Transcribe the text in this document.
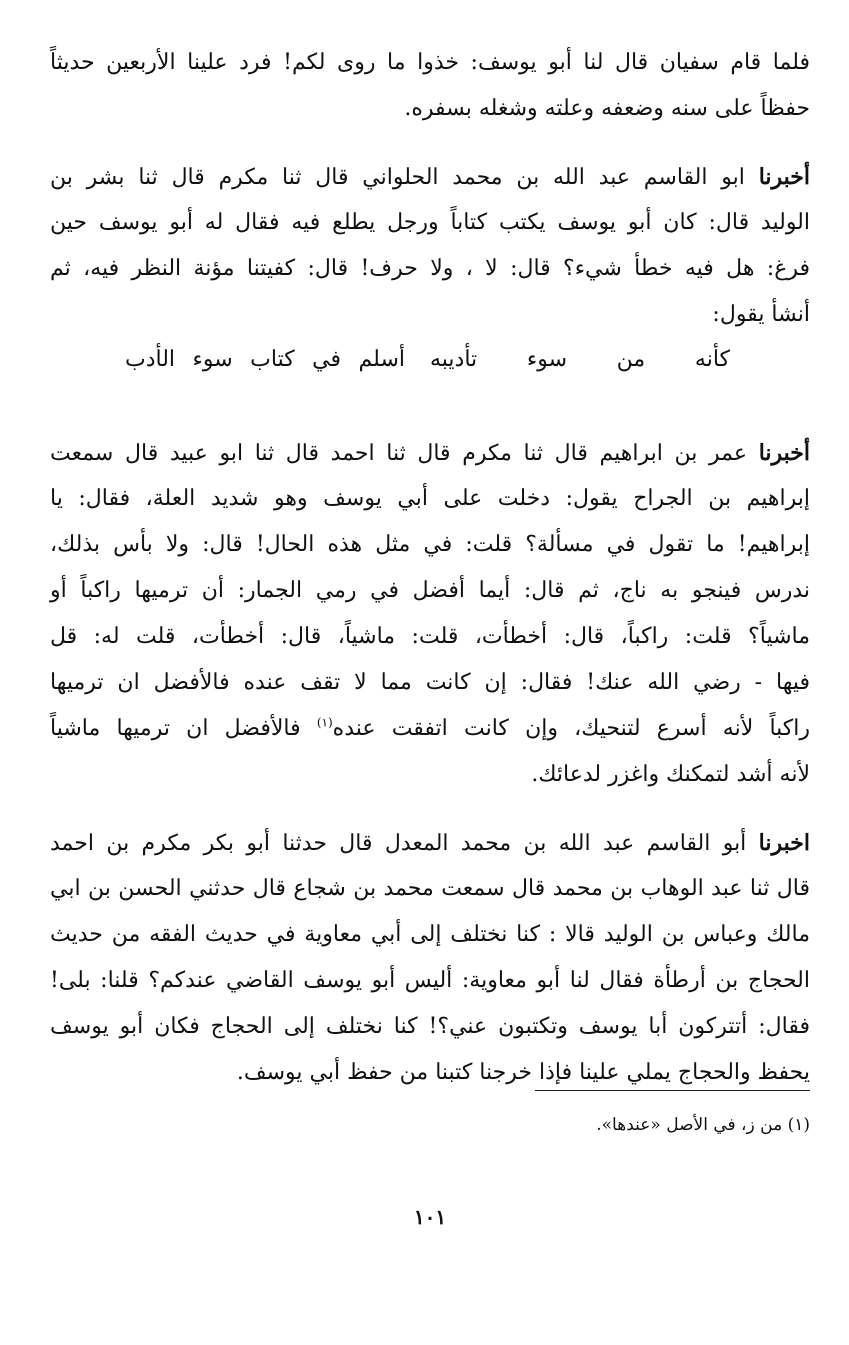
فلما قام سفيان قال لنا أبو يوسف: خذوا ما روى لكم! فرد علينا الأربعين حديثاً
حفظاً على سنه وضعفه وعلته وشغله بسفره.
أخبرنا ابو القاسم عبد الله بن محمد الحلواني قال ثنا مكرم قال ثنا بشر بن
الوليد قال: كان أبو يوسف يكتب كتاباً ورجل يطلع فيه فقال له أبو يوسف حين
فرغ: هل فيه خطأ شيء؟ قال: لا ، ولا حرف! قال: كفيتنا مؤنة النظر فيه، ثم
أنشأ يقول:
كأنه من سوء تأديبه
أسلم في كتاب سوء الأدب
أخبرنا عمر بن ابراهيم قال ثنا مكرم قال ثنا احمد قال ثنا ابو عبيد قال سمعت
إبراهيم بن الجراح يقول: دخلت على أبي يوسف وهو شديد العلة، فقال: يا
إبراهيم! ما تقول في مسألة؟ قلت: في مثل هذه الحال! قال: ولا بأس بذلك،
ندرس فينجو به ناج، ثم قال: أيما أفضل في رمي الجمار: أن ترميها راكباً أو
ماشياً؟ قلت: راكباً، قال: أخطأت، قلت: ماشياً، قال: أخطأت، قلت له: قل
فيها - رضي الله عنك! فقال: إن كانت مما لا تقف عنده فالأفضل ان ترميها
راكباً لأنه أسرع لتنحيك، وإن كانت اتفقت عنده$^{(١)}$ فالأفضل ان ترميها ماشياً
لأنه أشد لتمكنك واغزر لدعائك.
اخبرنا أبو القاسم عبد الله بن محمد المعدل قال حدثنا أبو بكر مكرم بن احمد
قال ثنا عبد الوهاب بن محمد قال سمعت محمد بن شجاع قال حدثني الحسن بن ابي
مالك وعباس بن الوليد قالا : كنا نختلف إلى أبي معاوية في حديث الفقه من حديث
الحجاج بن أرطأة فقال لنا أبو معاوية: أليس أبو يوسف القاضي عندكم؟ قلنا: بلى!
فقال: أتتركون أبا يوسف وتكتبون عني؟! كنا نختلف إلى الحجاج فكان أبو يوسف
يحفظ والحجاج يملي علينا فإذا خرجنا كتبنا من حفظ أبي يوسف.
(١) من ز، في الأصل «عندها».
١٠١
